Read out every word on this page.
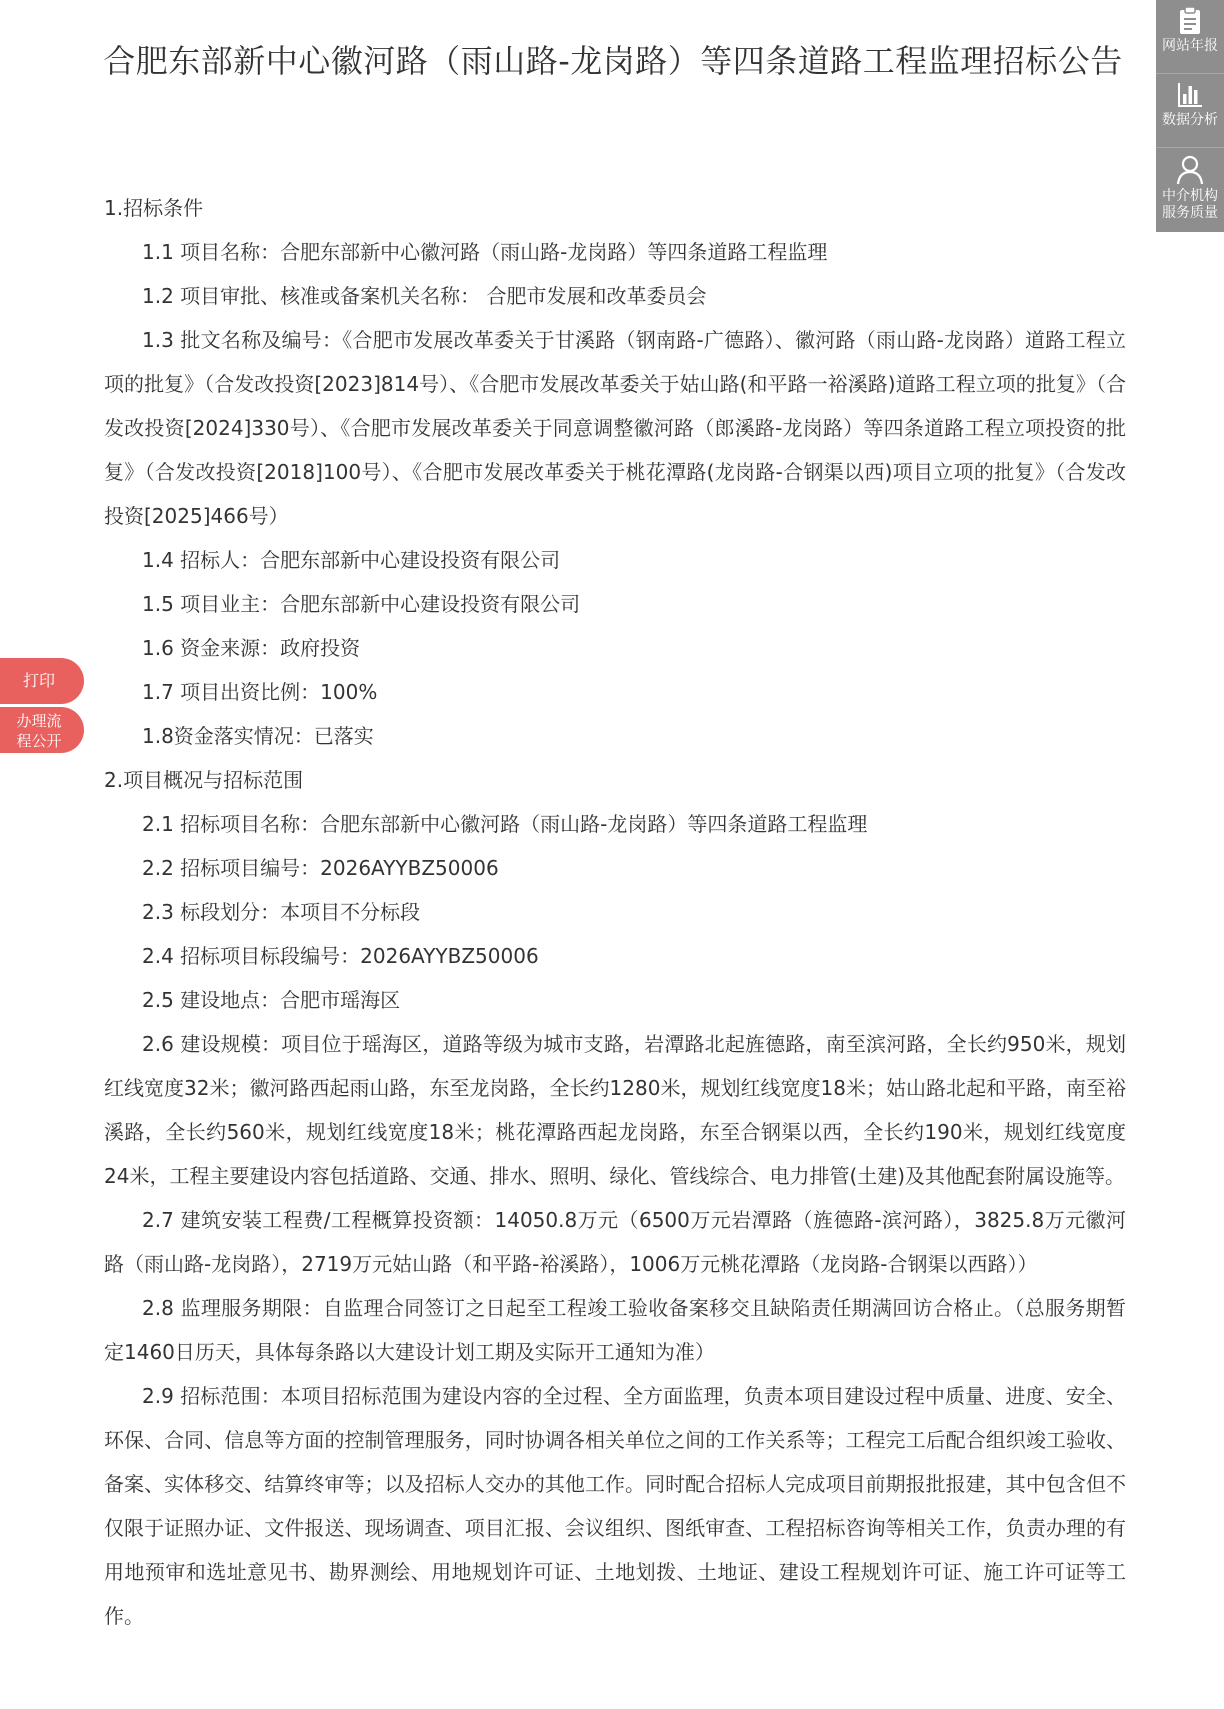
合肥东部新中心徽河路（雨山路-龙岗路）等四条道路工程监理招标公告

1.招标条件

1.1 项目名称：合肥东部新中心徽河路（雨山路-龙岗路）等四条道路工程监理

1.2 项目审批、核准或备案机关名称： 合肥市发展和改革委员会

1.3 批文名称及编号：《合肥市发展改革委关于甘溪路（钢南路-广德路）、徽河路（雨山路-龙岗路）道路工程立项的批复》（合发改投资[2023]814号）、《合肥市发展改革委关于姑山路(和平路一裕溪路)道路工程立项的批复》（合发改投资[2024]330号）、《合肥市发展改革委关于同意调整徽河路（郎溪路-龙岗路）等四条道路工程立项投资的批复》（合发改投资[2018]100号）、《合肥市发展改革委关于桃花潭路(龙岗路-合钢渠以西)项目立项的批复》（合发改投资[2025]466号）

1.4 招标人：合肥东部新中心建设投资有限公司

1.5 项目业主：合肥东部新中心建设投资有限公司

1.6 资金来源：政府投资

1.7 项目出资比例：100%

1.8资金落实情况：已落实

2.项目概况与招标范围

2.1 招标项目名称：合肥东部新中心徽河路（雨山路-龙岗路）等四条道路工程监理

2.2 招标项目编号：2026AYYBZ50006

2.3 标段划分：本项目不分标段

2.4 招标项目标段编号：2026AYYBZ50006

2.5 建设地点：合肥市瑶海区

2.6 建设规模：项目位于瑶海区，道路等级为城市支路，岩潭路北起旌德路，南至滨河路，全长约950米，规划红线宽度32米；徽河路西起雨山路，东至龙岗路，全长约1280米，规划红线宽度18米；姑山路北起和平路，南至裕溪路，全长约560米，规划红线宽度18米；桃花潭路西起龙岗路，东至合钢渠以西，全长约190米，规划红线宽度24米，工程主要建设内容包括道路、交通、排水、照明、绿化、管线综合、电力排管(土建)及其他配套附属设施等。

2.7 建筑安装工程费/工程概算投资额：14050.8万元（6500万元岩潭路（旌德路-滨河路），3825.8万元徽河路（雨山路-龙岗路），2719万元姑山路（和平路-裕溪路），1006万元桃花潭路（龙岗路-合钢渠以西路））

2.8 监理服务期限：自监理合同签订之日起至工程竣工验收备案移交且缺陷责任期满回访合格止。（总服务期暂定1460日历天，具体每条路以大建设计划工期及实际开工通知为准）

2.9 招标范围：本项目招标范围为建设内容的全过程、全方面监理，负责本项目建设过程中质量、进度、安全、环保、合同、信息等方面的控制管理服务，同时协调各相关单位之间的工作关系等；工程完工后配合组织竣工验收、备案、实体移交、结算终审等；以及招标人交办的其他工作。同时配合招标人完成项目前期报批报建，其中包含但不仅限于证照办证、文件报送、现场调查、项目汇报、会议组织、图纸审查、工程招标咨询等相关工作，负责办理的有用地预审和选址意见书、勘界测绘、用地规划许可证、土地划拨、土地证、建设工程规划许可证、施工许可证等工作。

网站年报
数据分析
中介机构
服务质量
打印
办理流
程公开
